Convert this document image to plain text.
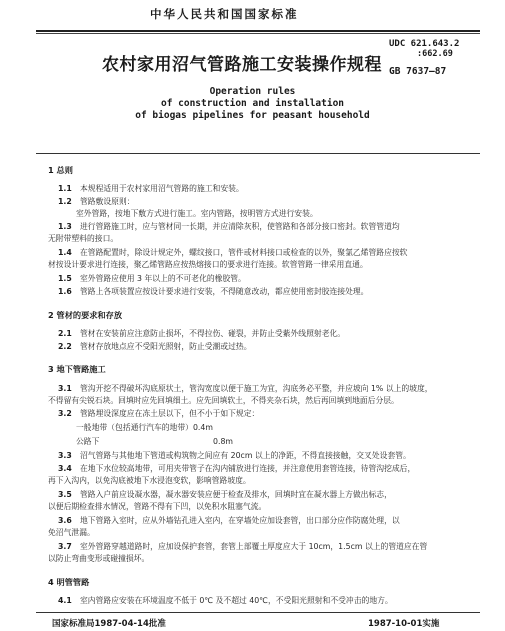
中华人民共和国国家标准
UDC 621.643.2
:662.69
GB 7637—87
农村家用沼气管路施工安装操作规程
Operation rules
of construction and installation
of biogas pipelines for peasant household
1 总则
1.1 本规程适用于农村家用沼气管路的施工和安装。
1.2 管路敷设原则：
室外管路，按地下敷方式进行施工。室内管路，按明管方式进行安装。
1.3 进行管路施工时，应与管材同一长期，并应清除灰积，使管路和各部分接口密封。软管管道均
无附带塑料的接口。
1.4 在管路配置时，除设计规定外，螺纹接口，管件或材料接口或检查的以外，聚氯乙烯管路应按软
材按设计要求进行连接，聚乙烯管路应按热熔接口的要求进行连接。软管管路一律采用直通。
1.5 室外管路应使用 3 年以上的不可老化的橡胶管。
1.6 管路上各项装置应按设计要求进行安装，不得随意改动，都应使用密封胶连接处理。
2 管材的要求和存放
2.1 管材在安装前应注意防止损坏，不得拉伤、碰裂，并防止受紫外线照射老化。
2.2 管材存放地点应不受阳光照射，防止受潮或过热。
3 地下管路施工
3.1 管沟开挖不得破坏沟底原状土，管沟宽度以便于施工为宜，沟底务必平整，并应坡向 1% 以上的坡度，
不得留有尖锐石块。回填时应先回填细土。应先回填软土，不得夹杂石块，然后再回填到地面后分层。
3.2 管路埋设深度应在冻土层以下，但不小于如下规定：
一般地带（包括通行汽车的地带）0.4m
公路下	0.8m
3.3 沼气管路与其他地下管道或构筑物之间应有 20cm 以上的净距，不得直接接触，交叉处设套管。
3.4 在地下水位较高地带，可用夹带管子在沟内铺放进行连接，并注意使用套管连接，待管沟挖成后，
再下入沟内，以免沟底被地下水浸泡变软，影响管路坡度。
3.5 管路入户前应设凝水器，凝水器安装应便于检查及排水，回填时宜在凝水器上方做出标志，
以便后期检查排水情况，管路不得有下凹，以免积水阻塞气流。
3.6 地下管路入室时，应从外墙钻孔进入室内，在穿墙处应加设套管，出口部分应作防腐处理，以
免沼气泄漏。
3.7 室外管路穿越道路时，应加设保护套管，套管上部覆土厚度应大于 10cm，1.5cm 以上的管道应在管
以防止弯曲变形或碰撞损坏。
4 明管管路
4.1 室内管路应安装在环境温度不低于 0℃ 及不超过 40℃，不受阳光照射和不受冲击的地方。
国家标准局1987-04-14批准	1987-10-01实施
